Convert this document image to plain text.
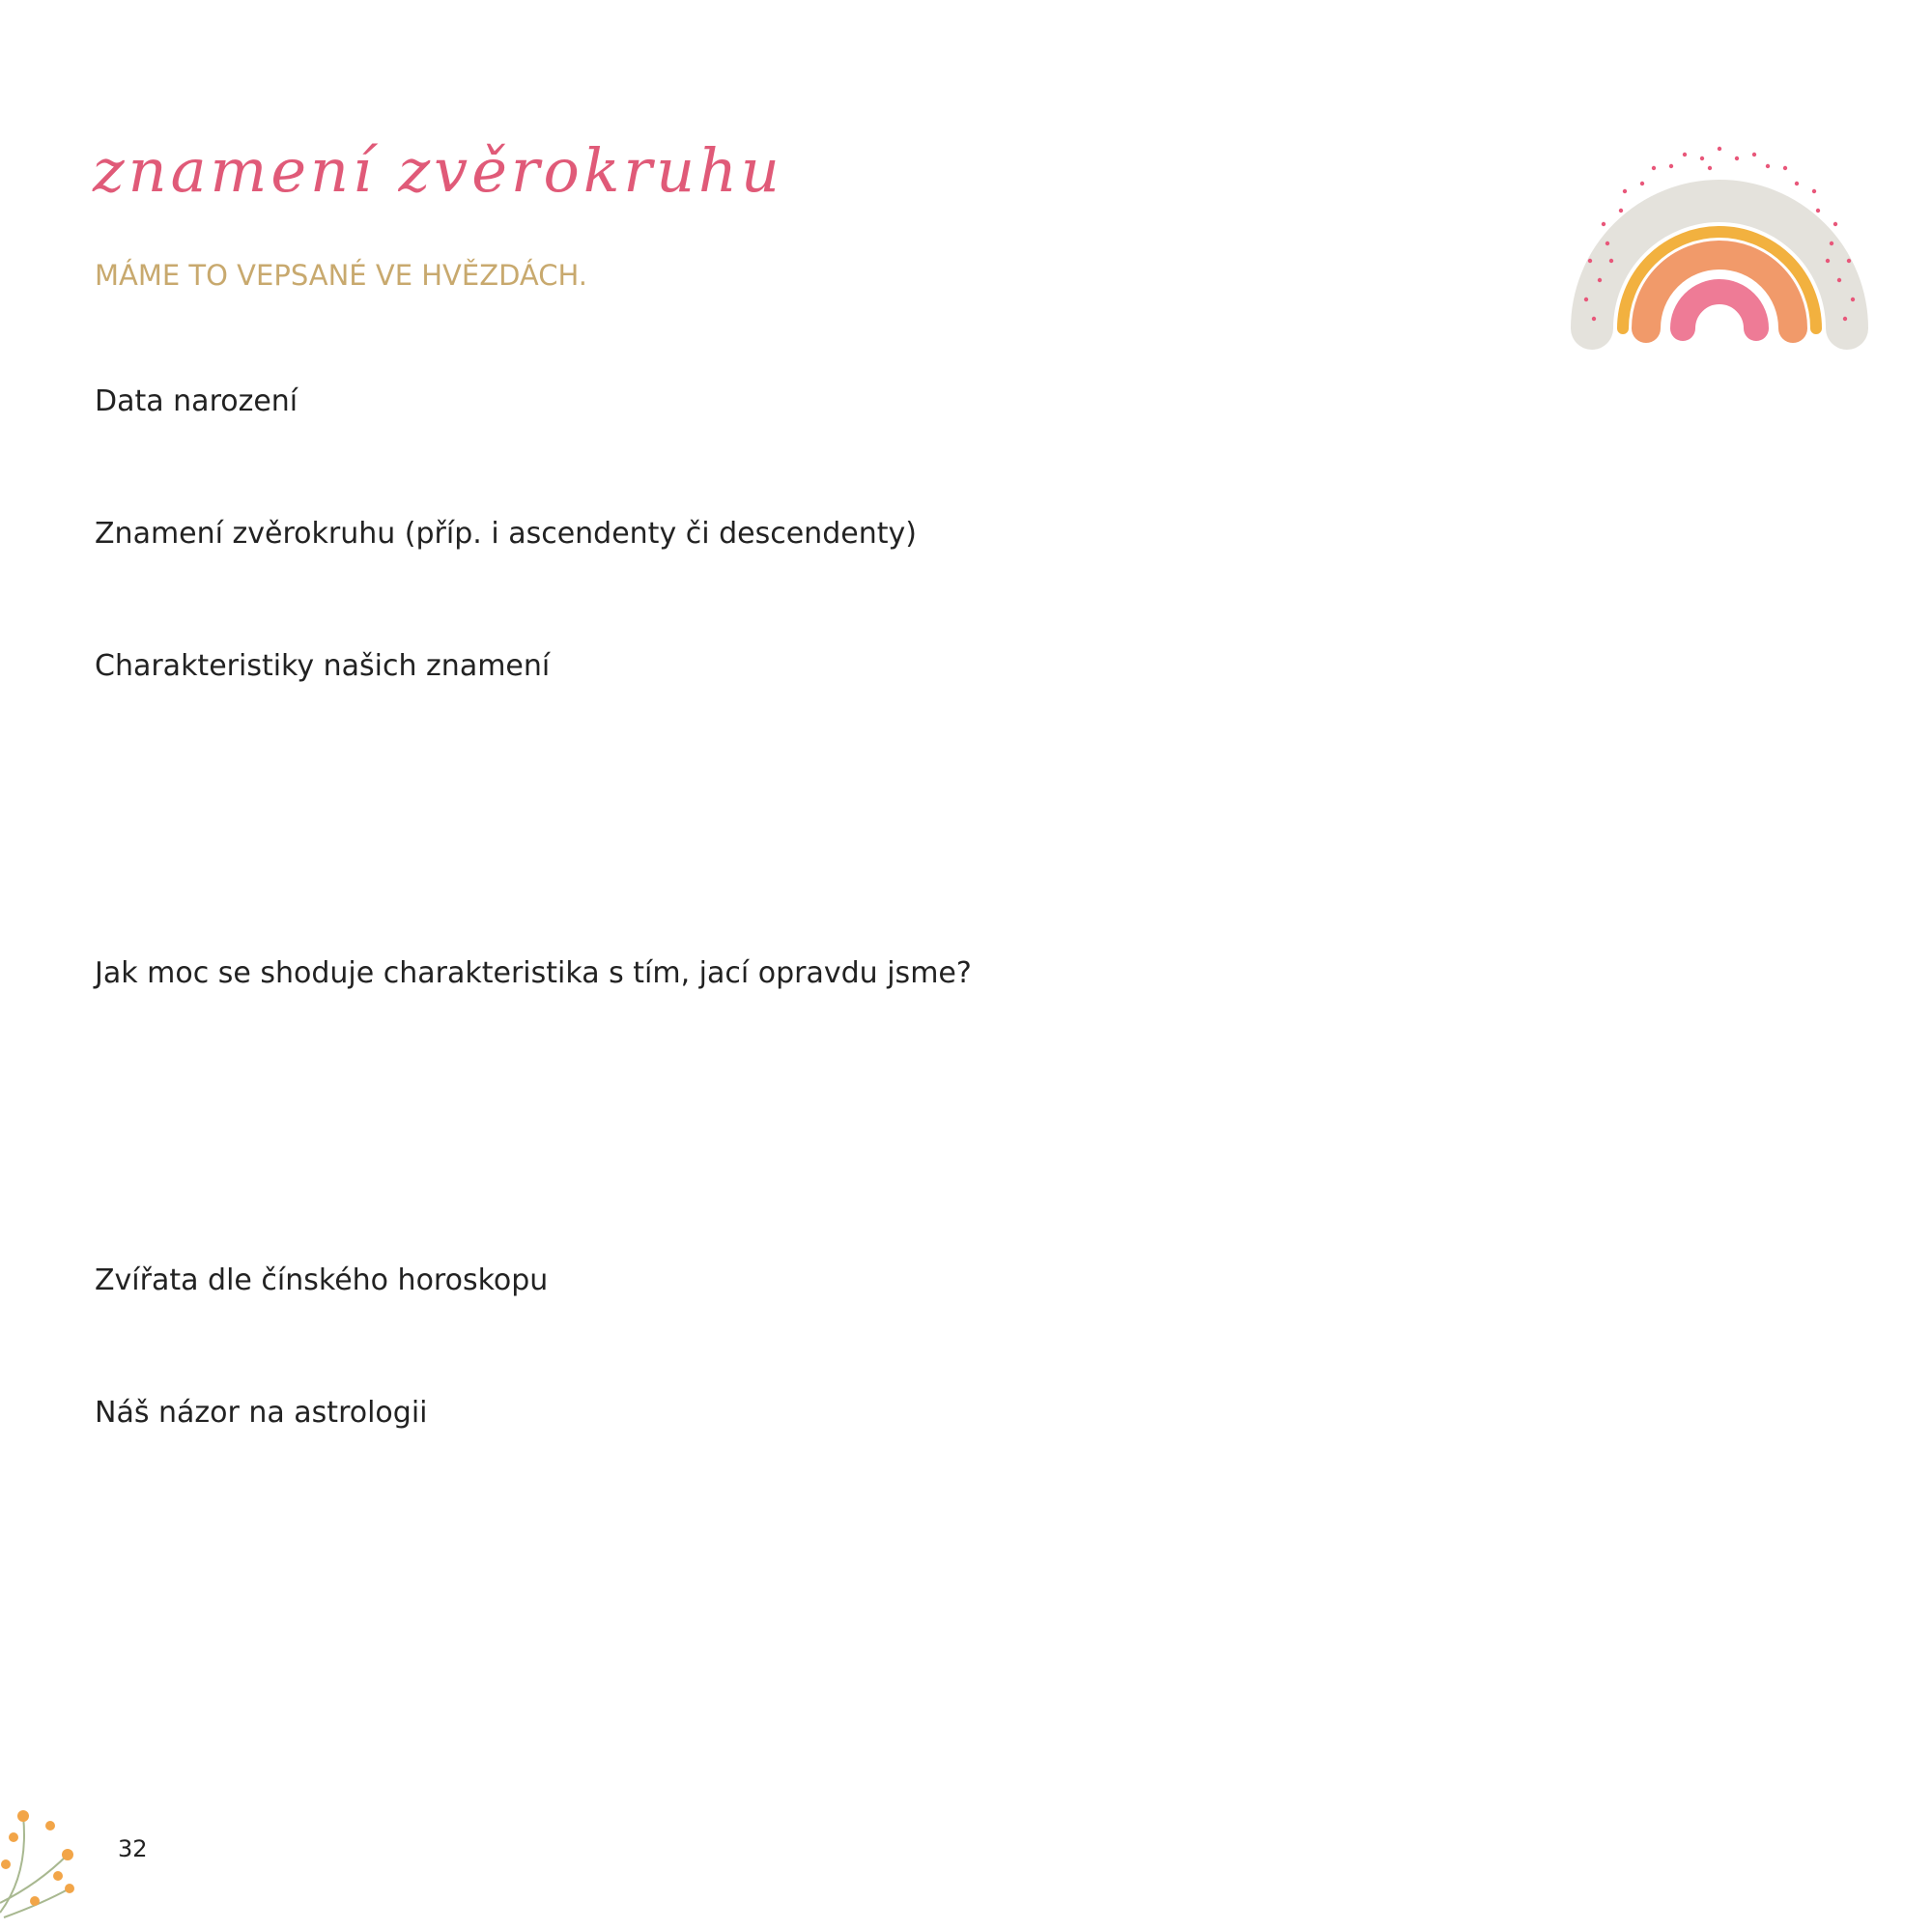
znamení zvěrokruhu
MÁME TO VEPSANÉ VE HVĚZDÁCH.
Data narození
Znamení zvěrokruhu (příp. i ascendenty či descendenty)
Charakteristiky našich znamení
Jak moc se shoduje charakteristika s tím, jací opravdu jsme?
Zvířata dle čínského horoskopu
Náš názor na astrologii
32
